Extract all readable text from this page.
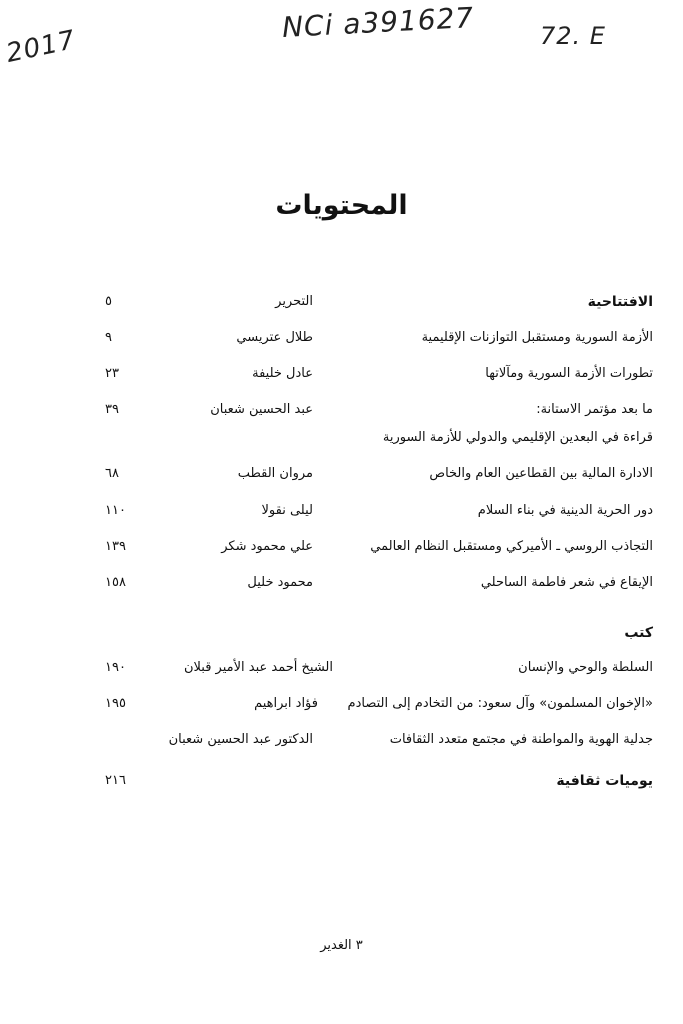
2017
NCi a391627	72. E
المحتويات
الافتتاحية
التحرير
٥
الأزمة السورية ومستقبل التوازنات الإقليمية
طلال عتريسي
٩
تطورات الأزمة السورية ومآلاتها
عادل خليفة
٢٣
ما بعد مؤتمر الاستانة:
عبد الحسين شعبان
٣٩
قراءة في البعدين الإقليمي والدولي للأزمة السورية
الادارة المالية بين القطاعين العام والخاص
مروان القطب
٦٨
دور الحرية الدينية في بناء السلام
ليلى نقولا
١١٠
التجاذب الروسي ـ الأميركي ومستقبل النظام العالمي
علي محمود شكر
١٣٩
الإيقاع في شعر فاطمة الساحلي
محمود خليل
١٥٨
كتب
السلطة والوحي والإنسان
الشيخ أحمد عبد الأمير قبلان
١٩٠
«الإخوان المسلمون» وآل سعود: من التخادم إلى التصادم
فؤاد ابراهيم
١٩٥
جدلية الهوية والمواطنة في مجتمع متعدد الثقافات
الدكتور عبد الحسين شعبان
يوميات ثقافية
٢١٦
٣ الغدير
